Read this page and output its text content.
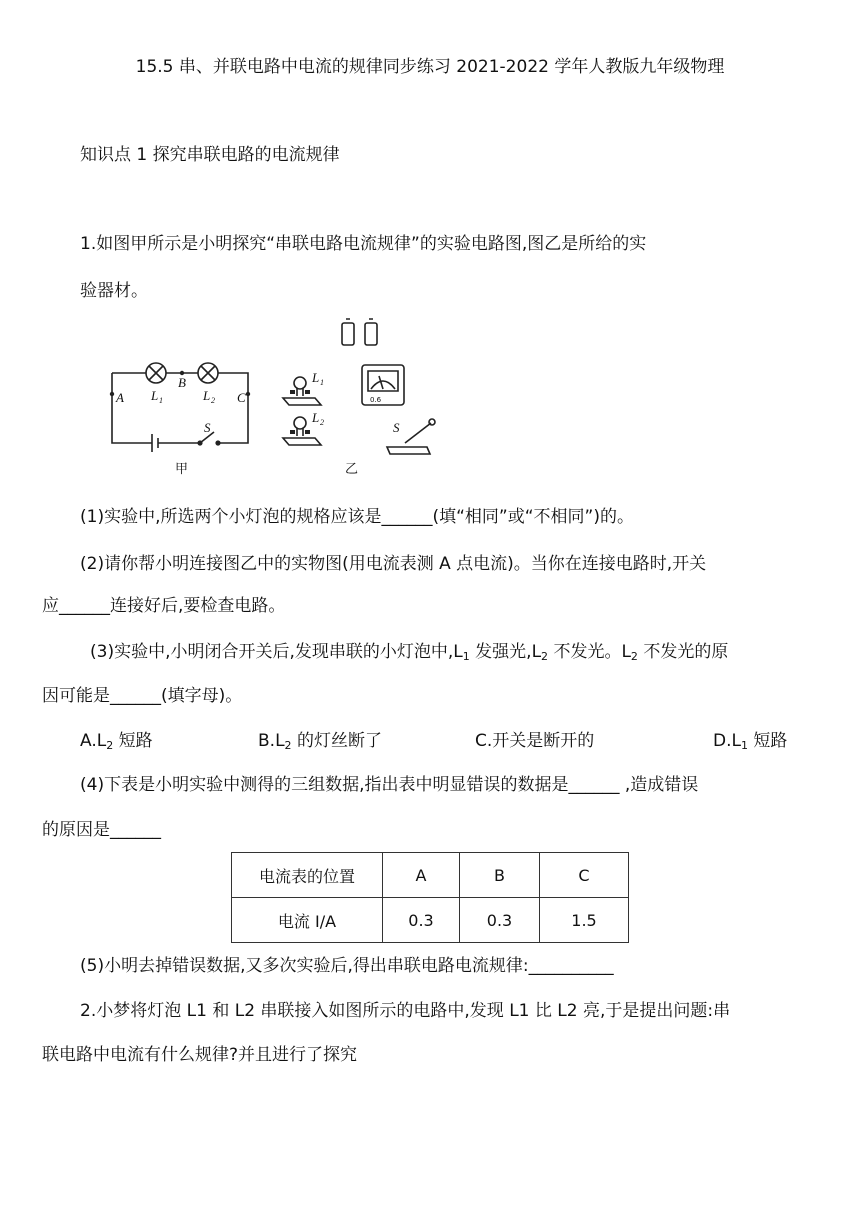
15.5 串、并联电路中电流的规律同步练习 2021-2022 学年人教版九年级物理
知识点 1 探究串联电路的电流规律
1.如图甲所示是小明探究“串联电路电流规律”的实验电路图,图乙是所给的实
验器材。
A
B
C
L 1	L 2
S
L 1
L 2	S
0.6
甲	乙
(1)实验中,所选两个小灯泡的规格应该是______(填“相同”或“不相同”)的。
(2)请你帮小明连接图乙中的实物图(用电流表测 A 点电流)。当你在连接电路时,开关
应______连接好后,要检查电路。
(3)实验中,小明闭合开关后,发现串联的小灯泡中$,L_1$ 发强光$,L_2$ 不发光。$L_2$ 不发光的原
因可能是______(填字母)。
$A.L_2$ 短路	$B.L_2$ 的灯丝断了	C.开关是断开的	$D.L_1$ 短路
(4)下表是小明实验中测得的三组数据,指出表中明显错误的数据是______ ,造成错误
的原因是______
电流表的位置	A	B	C
电流 I/A	0.3	0.3	1.5
(5)小明去掉错误数据,又多次实验后,得出串联电路电流规律:__________
2.小梦将灯泡 L1 和 L2 串联接入如图所示的电路中,发现 L1 比 L2 亮,于是提出问题:串
联电路中电流有什么规律?并且进行了探究
